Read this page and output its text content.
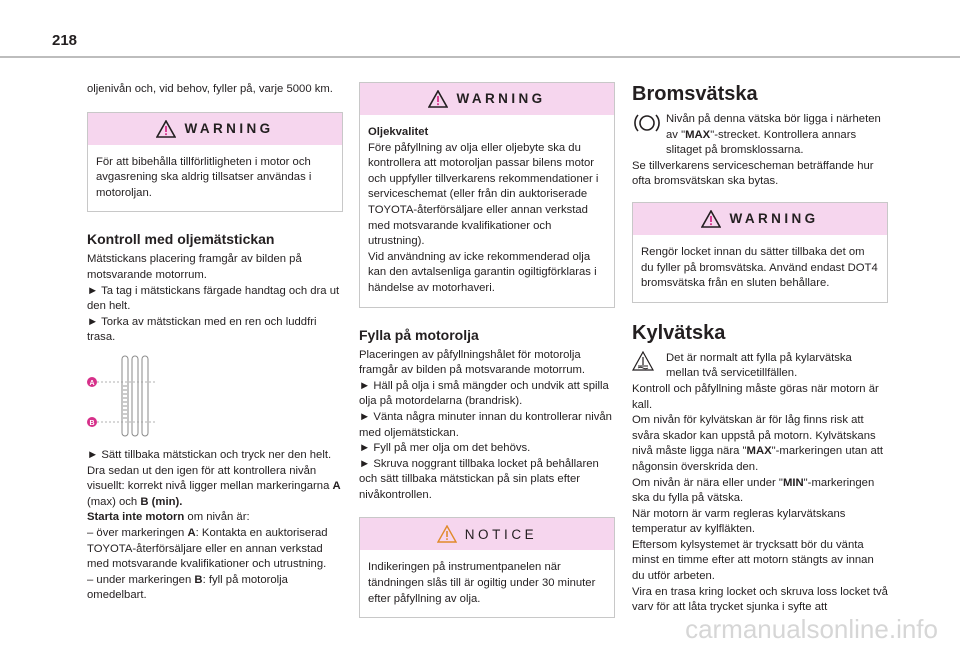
218

oljenivån och, vid behov, fyller på, varje 5000 km.

WARNING

För att bibehålla tillförlitligheten i motor och avgasrening ska aldrig tillsatser användas i motoroljan.

Kontroll med oljemätstickan

Mätstickans placering framgår av bilden på motsvarande motorrum.

► Ta tag i mätstickans färgade handtag och dra ut den helt.

► Torka av mätstickan med en ren och luddfri trasa.

A
B

► Sätt tillbaka mätstickan och tryck ner den helt. Dra sedan ut den igen för att kontrollera nivån visuellt: korrekt nivå ligger mellan markeringarna A (max) och B (min).

Starta inte motorn om nivån är:

– över markeringen A: Kontakta en auktoriserad TOYOTA-återförsäljare eller en annan verkstad med motsvarande kvalifikationer och utrustning.

– under markeringen B: fyll på motorolja omedelbart.

WARNING

Oljekvalitet

Före påfyllning av olja eller oljebyte ska du kontrollera att motoroljan passar bilens motor och uppfyller tillverkarens rekommendationer i serviceschemat (eller från din auktoriserade TOYOTA-återförsäljare eller annan verkstad med motsvarande kvalifikationer och utrustning).

Vid användning av icke rekommenderad olja kan den avtalsenliga garantin ogiltigförklaras i händelse av motorhaveri.

Fylla på motorolja

Placeringen av påfyllningshålet för motorolja framgår av bilden på motsvarande motorrum.

► Häll på olja i små mängder och undvik att spilla olja på motordelarna (brandrisk).

► Vänta några minuter innan du kontrollerar nivån med oljemätstickan.

► Fyll på mer olja om det behövs.

► Skruva noggrant tillbaka locket på behållaren och sätt tillbaka mätstickan på sin plats efter nivåkontrollen.

NOTICE

Indikeringen på instrumentpanelen när tändningen slås till är ogiltig under 30 minuter efter påfyllning av olja.

Bromsvätska

Nivån på denna vätska bör ligga i närheten av "MAX"-strecket. Kontrollera annars slitaget på bromsklossarna.

Se tillverkarens servicescheman beträffande hur ofta bromsvätskan ska bytas.

WARNING

Rengör locket innan du sätter tillbaka det om du fyller på bromsvätska. Använd endast DOT4 bromsvätska från en sluten behållare.

Kylvätska

Det är normalt att fylla på kylarvätska mellan två servicetillfällen.

Kontroll och påfyllning måste göras när motorn är kall.

Om nivån för kylvätskan är för låg finns risk att svåra skador kan uppstå på motorn. Kylvätskans nivå måste ligga nära "MAX"-markeringen utan att någonsin överskrida den.

Om nivån är nära eller under "MIN"-markeringen ska du fylla på vätska.

När motorn är varm regleras kylarvätskans temperatur av kylfläkten.

Eftersom kylsystemet är trycksatt bör du vänta minst en timme efter att motorn stängts av innan du utför arbeten.

Vira en trasa kring locket och skruva loss locket två varv för att låta trycket sjunka i syfte att

carmanualsonline.info
